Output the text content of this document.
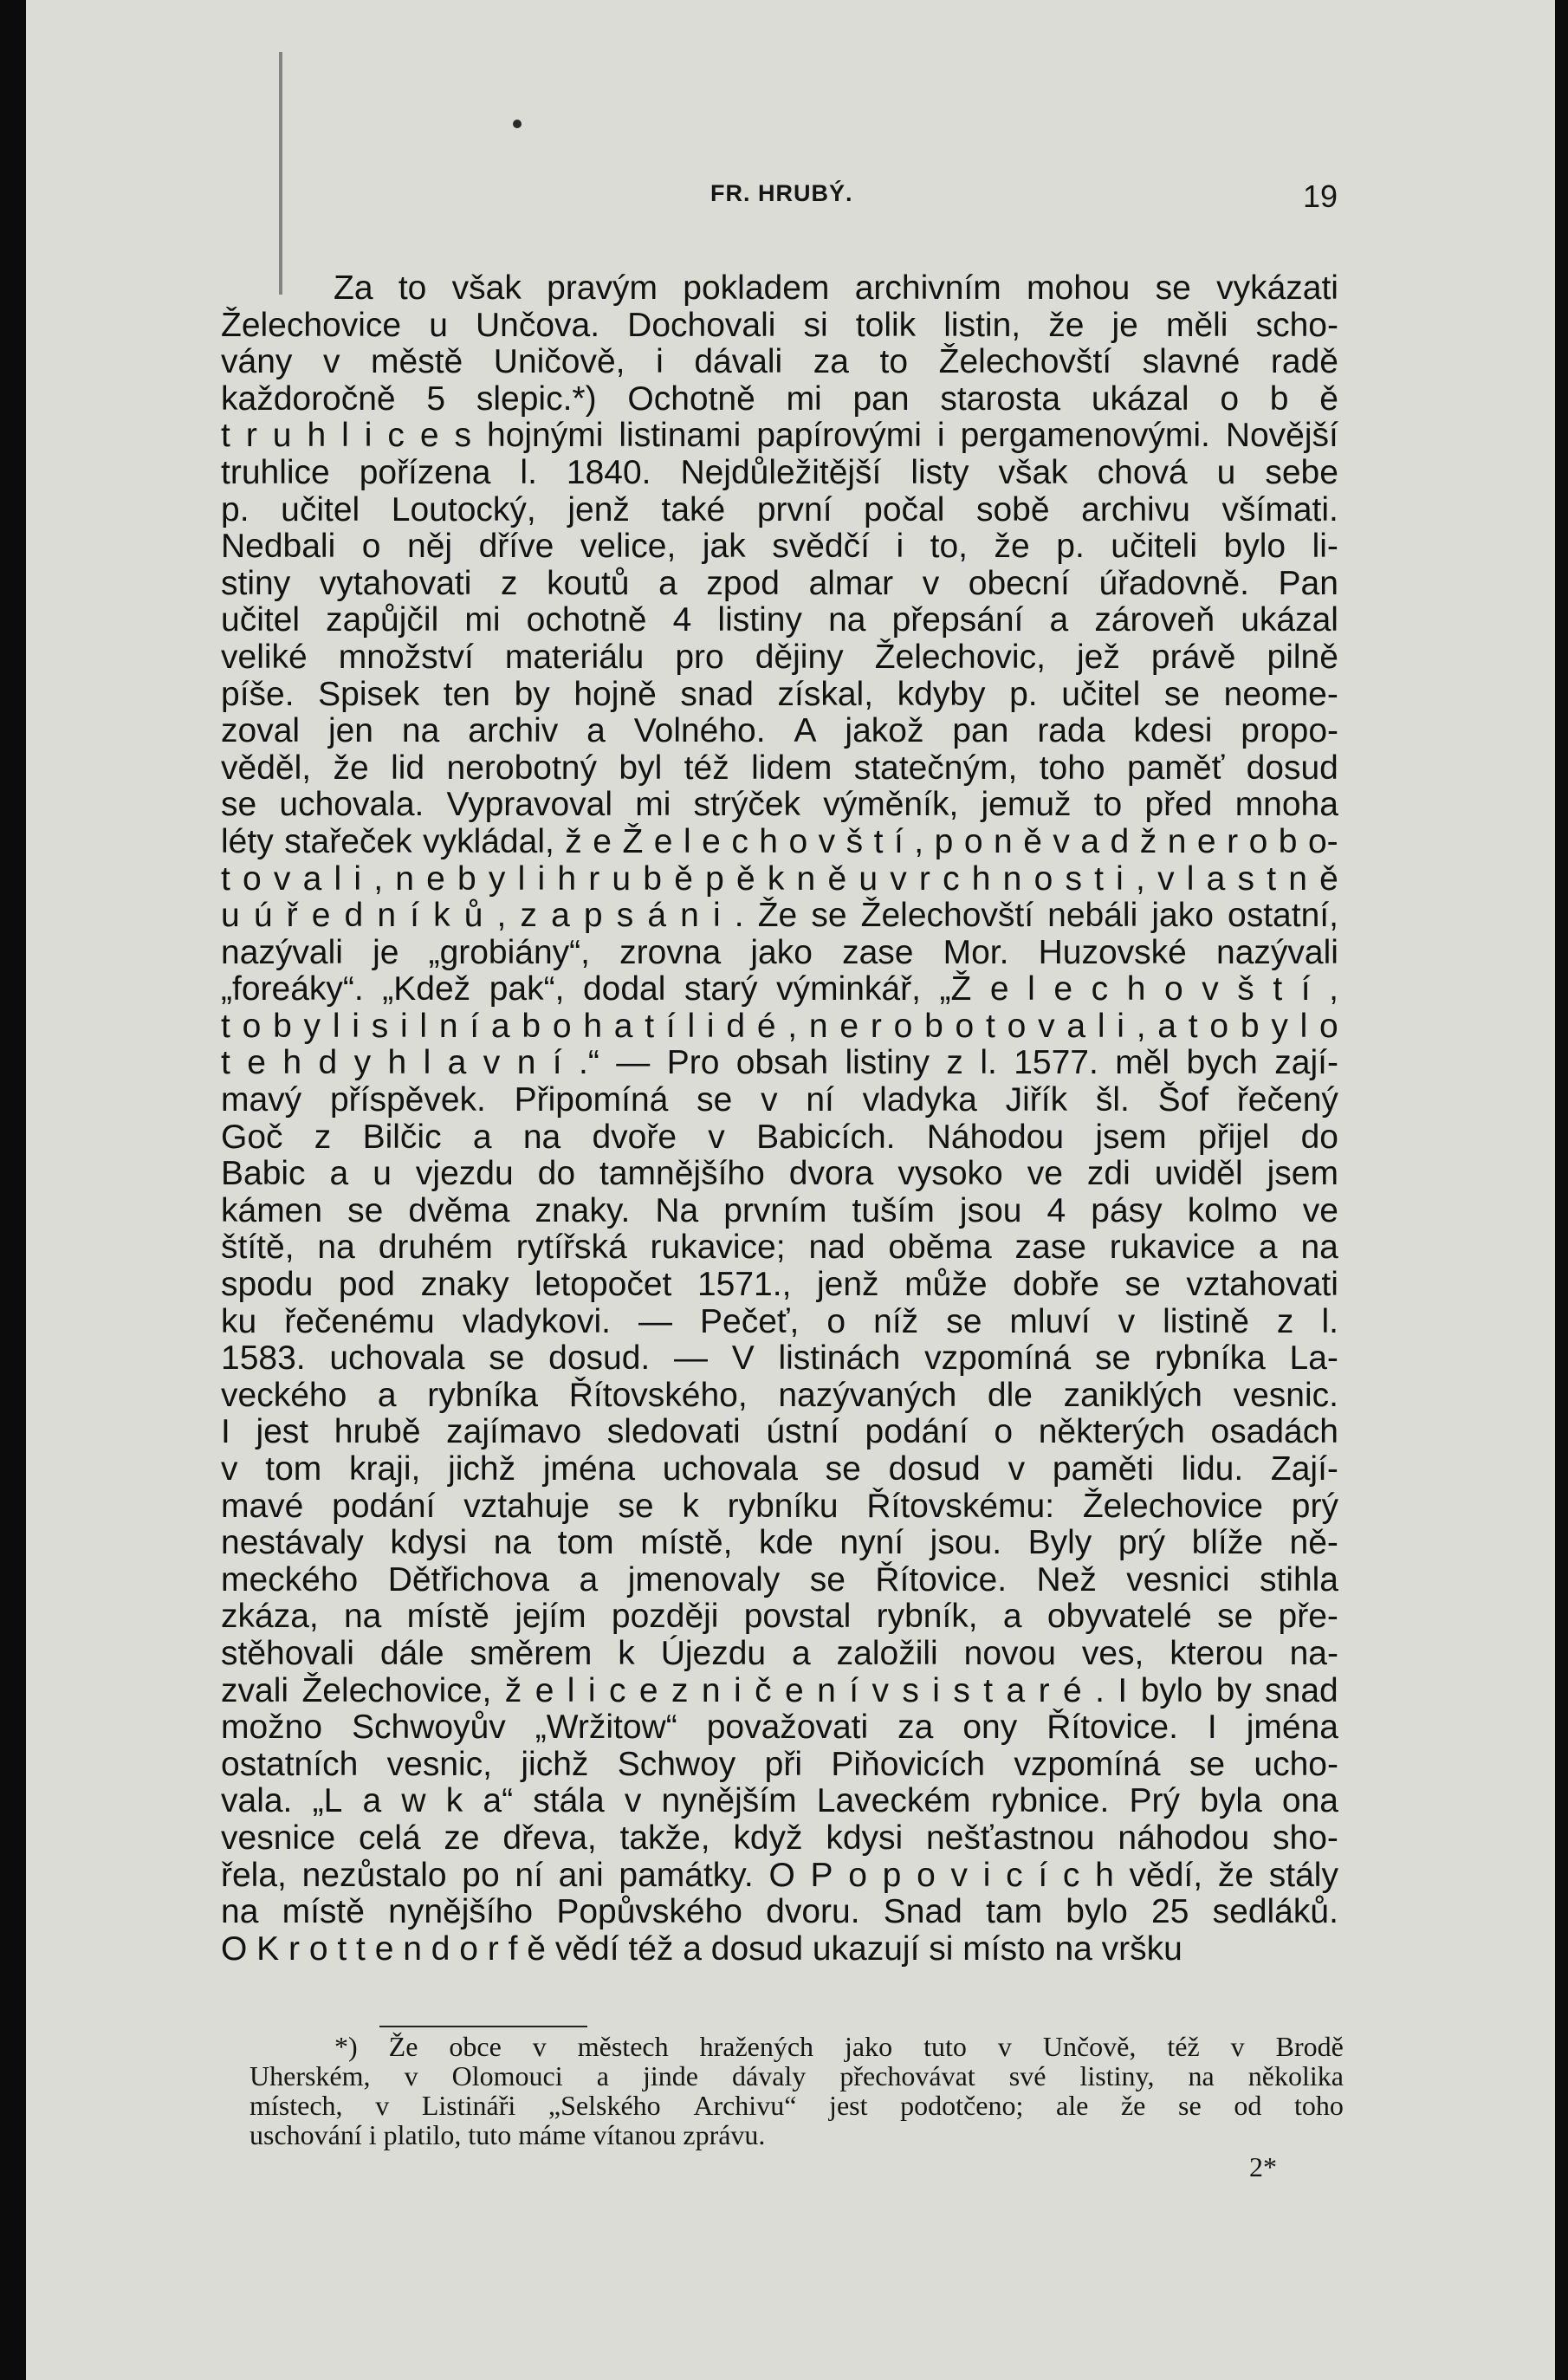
FR. HRUBÝ.	19
Za to však pravým pokladem archivním mohou se vykázati
Želechovice u Unčova. Dochovali si tolik listin, že je měli scho-
vány v městě Uničově, i dávali za to Želechovští slavné radě
každoročně 5 slepic.*) Ochotně mi pan starosta ukázal o b ě
t r u h l i c e s hojnými listinami papírovými i pergamenovými. Novější
truhlice pořízena l. 1840. Nejdůležitější listy však chová u sebe
p. učitel Loutocký, jenž také první počal sobě archivu všímati.
Nedbali o něj dříve velice, jak svědčí i to, že p. učiteli bylo li-
stiny vytahovati z koutů a zpod almar v obecní úřadovně. Pan
učitel zapůjčil mi ochotně 4 listiny na přepsání a zároveň ukázal
veliké množství materiálu pro dějiny Želechovic, jež právě pilně
píše. Spisek ten by hojně snad získal, kdyby p. učitel se neome-
zoval jen na archiv a Volného. A jakož pan rada kdesi propo-
věděl, že lid nerobotný byl též lidem statečným, toho paměť dosud
se uchovala. Vypravoval mi strýček výměník, jemuž to před mnoha
léty stařeček vykládal, ž e Ž e l e c h o v š t í , p o n ě v a d ž n e r o b o-
t o v a l i , n e b y l i h r u b ě p ě k n ě u v r c h n o s t i , v l a s t n ě
u ú ř e d n í k ů , z a p s á n i . Že se Želechovští nebáli jako ostatní,
nazývali je „grobiány“, zrovna jako zase Mor. Huzovské nazývali
„foreáky“. „Kdež pak“, dodal starý výminkář, „Ž e l e c h o v š t í ,
t o b y l i s i l n í a b o h a t í l i d é , n e r o b o t o v a l i , a t o b y l o
t e h d y h l a v n í .“ — Pro obsah listiny z l. 1577. měl bych zají-
mavý příspěvek. Připomíná se v ní vladyka Jiřík šl. Šof řečený
Goč z Bilčic a na dvoře v Babicích. Náhodou jsem přijel do
Babic a u vjezdu do tamnějšího dvora vysoko ve zdi uviděl jsem
kámen se dvěma znaky. Na prvním tuším jsou 4 pásy kolmo ve
štítě, na druhém rytířská rukavice; nad oběma zase rukavice a na
spodu pod znaky letopočet 1571., jenž může dobře se vztahovati
ku řečenému vladykovi. — Pečeť, o níž se mluví v listině z l.
1583. uchovala se dosud. — V listinách vzpomíná se rybníka La-
veckého a rybníka Řítovského, nazývaných dle zaniklých vesnic.
I jest hrubě zajímavo sledovati ústní podání o některých osadách
v tom kraji, jichž jména uchovala se dosud v paměti lidu. Zají-
mavé podání vztahuje se k rybníku Řítovskému: Želechovice prý
nestávaly kdysi na tom místě, kde nyní jsou. Byly prý blíže ně-
meckého Dětřichova a jmenovaly se Řítovice. Než vesnici stihla
zkáza, na místě jejím později povstal rybník, a obyvatelé se pře-
stěhovali dále směrem k Újezdu a založili novou ves, kterou na-
zvali Želechovice, ž e l i c e z n i č e n í v s i s t a r é . I bylo by snad
možno Schwoyův „Wržitow“ považovati za ony Řítovice. I jména
ostatních vesnic, jichž Schwoy při Piňovicích vzpomíná se ucho-
vala. „L a w k a“ stála v nynějším Laveckém rybnice. Prý byla ona
vesnice celá ze dřeva, takže, když kdysi nešťastnou náhodou sho-
řela, nezůstalo po ní ani památky. O P o p o v i c í c h vědí, že stály
na místě nynějšího Popůvského dvoru. Snad tam bylo 25 sedláků.
O K r o t t e n d o r f ě vědí též a dosud ukazují si místo na vršku
*) Že obce v městech hražených jako tuto v Unčově, též v Brodě
Uherském, v Olomouci a jinde dávaly přechovávat své listiny, na několika
místech, v Listináři „Selského Archivu“ jest podotčeno; ale že se od toho
uschování i platilo, tuto máme vítanou zprávu.
2*
